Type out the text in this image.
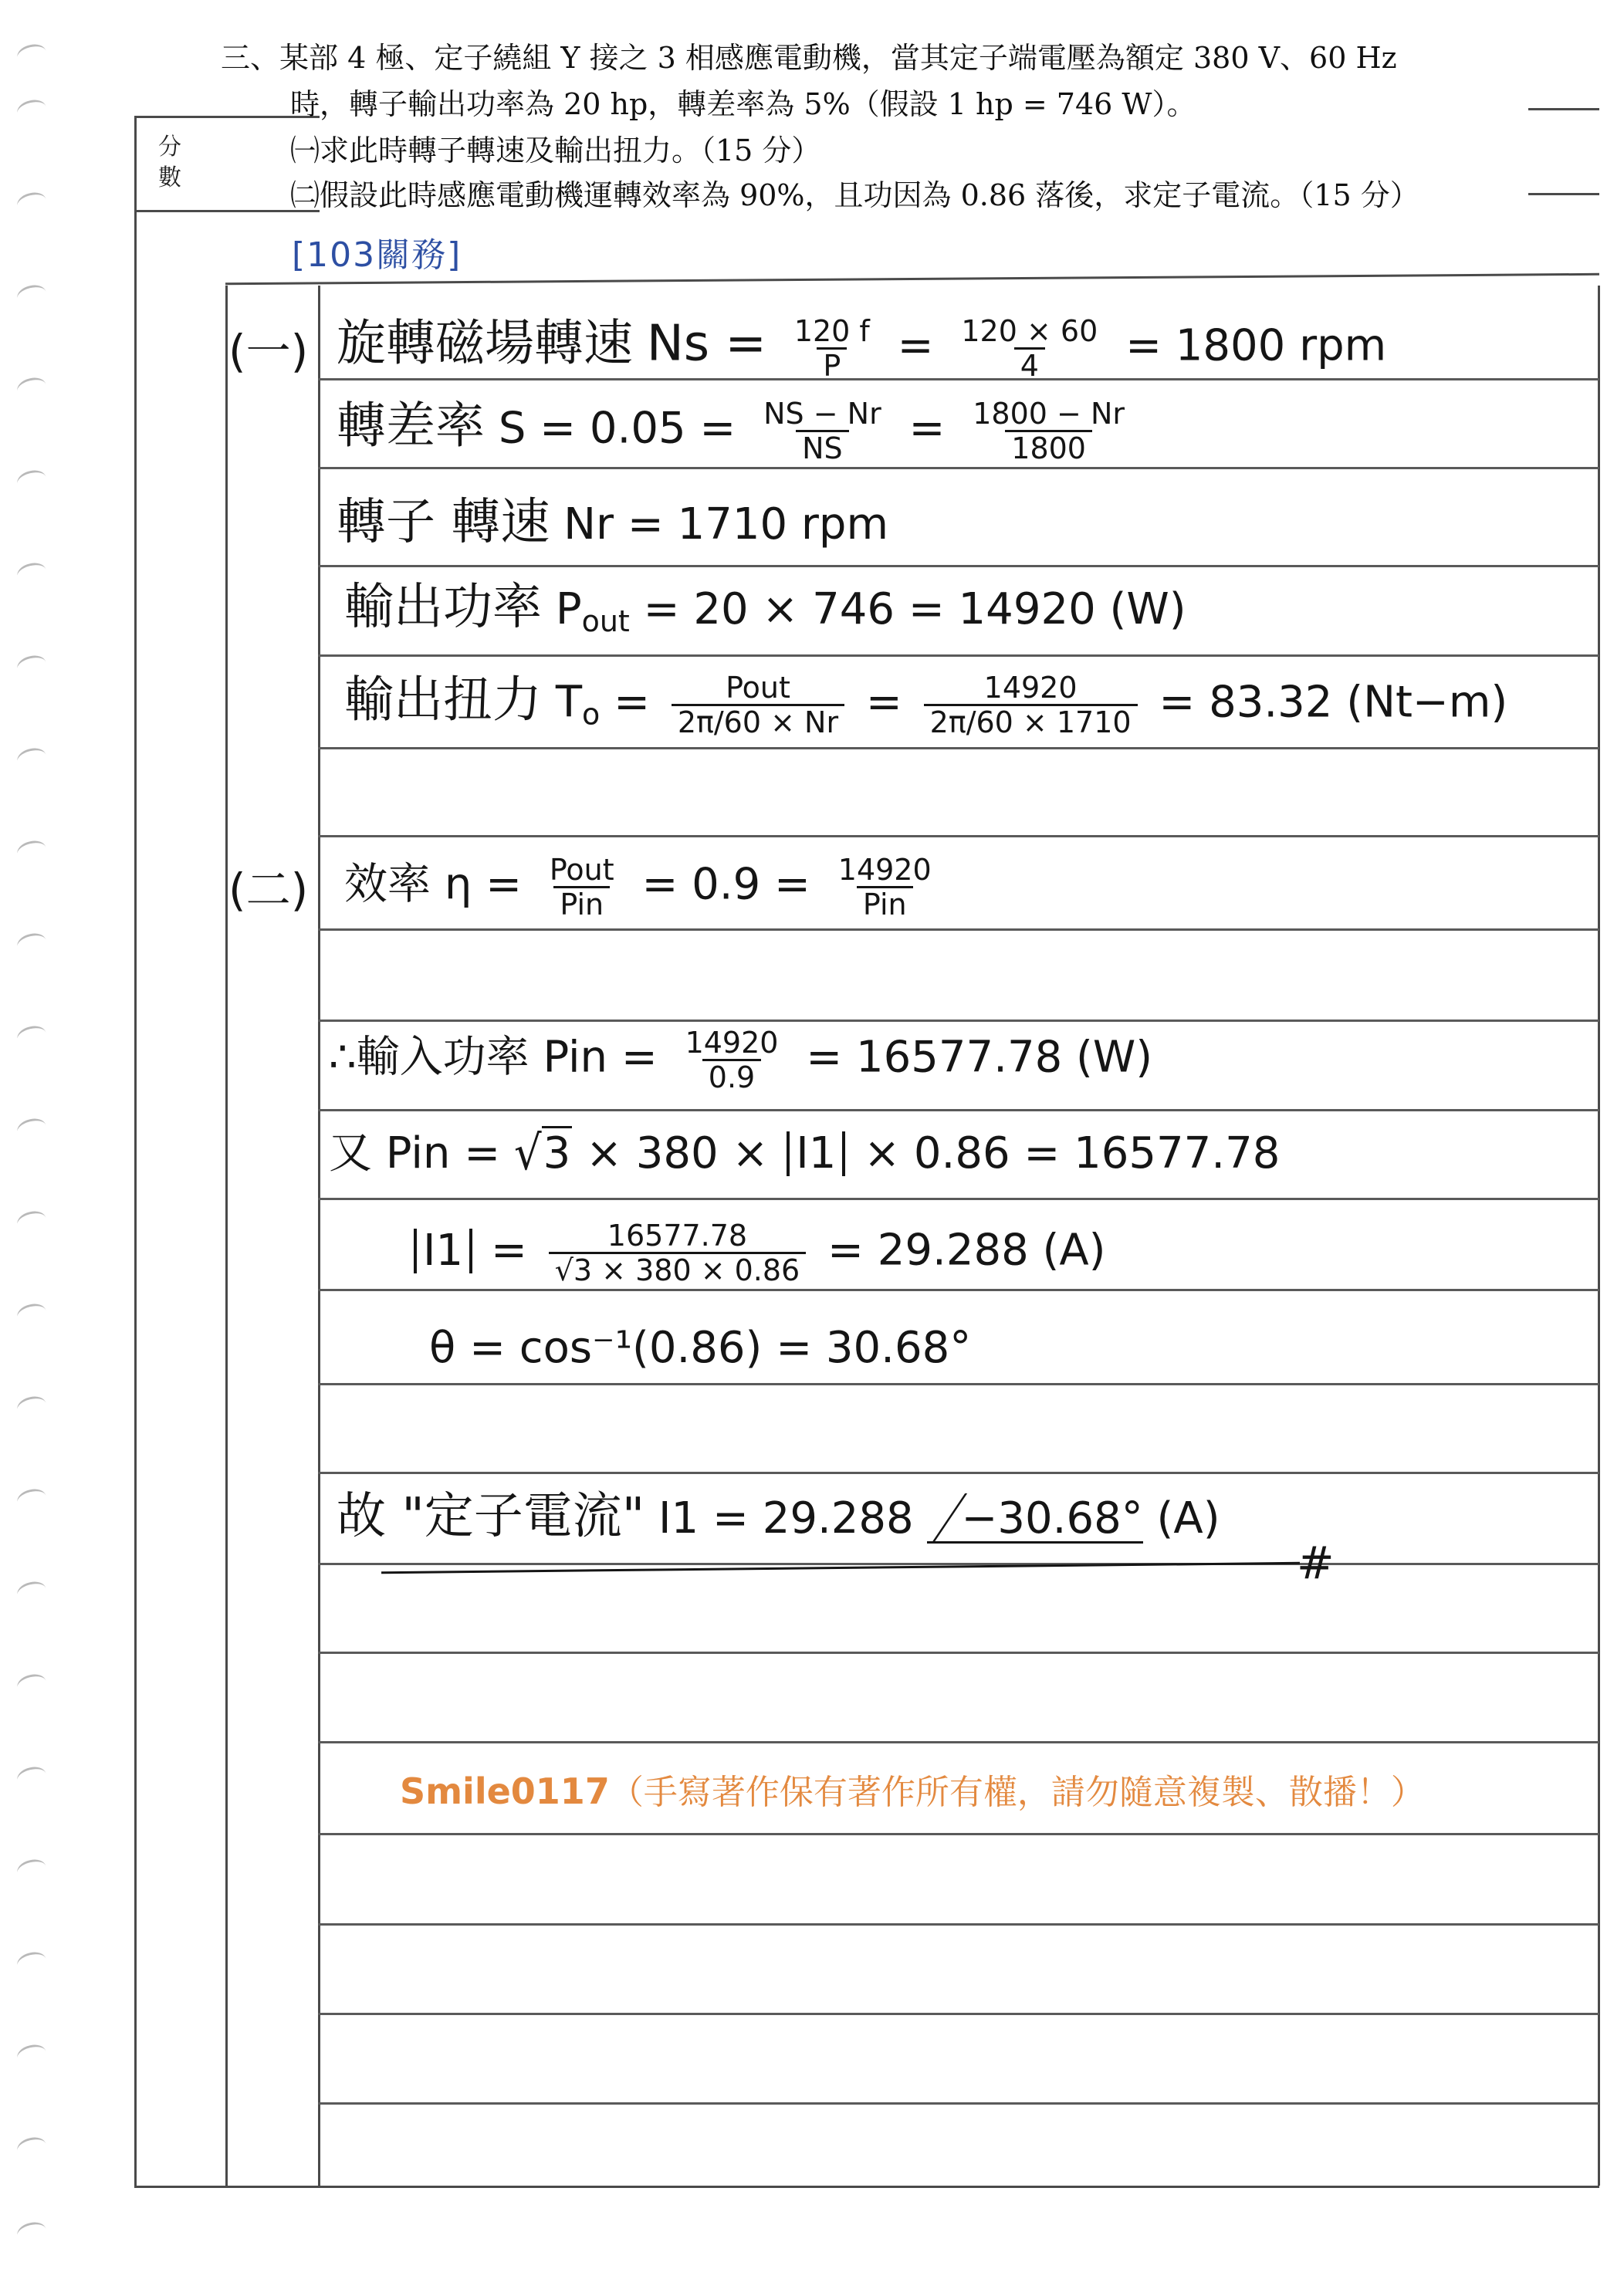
分
數
三、某部 4 極、定子繞組 Y 接之 3 相感應電動機，當其定子端電壓為額定 380 V、60 Hz
時，轉子輸出功率為 20 hp，轉差率為 5%（假設 1 hp = 746 W）。
㈠求此時轉子轉速及輸出扭力。（15 分）
㈡假設此時感應電動機運轉效率為 90%，且功因為 0.86 落後，求定子電流。（15 分）
[103關務]
(一) 旋轉磁場轉速 $Ns = \frac{120 f}{P} = \frac{120 \times 60}{4} = 1800$ rpm
轉差率 $S = 0.05 = \frac{NS - Nr}{NS} = \frac{1800 - Nr}{1800}$
轉子 轉速 Nr = 1710 rpm
輸出功率 $P_{out} = 20 \times 746 = 14920$ (W)
輸出扭力 $T_o = \frac{\text{Pout}}{2\pi/60 \times Nr} = \frac{14920}{2\pi/60 \times 1710} = 83.32$ (Nt−m)
(二) 效率 $\eta = \frac{\text{Pout}}{\text{Pin}} = 0.9 = \frac{14920}{\text{Pin}}$
∴輸入功率 Pin = $\frac{14920}{0.9} = 16577.78$ (W)
又 Pin = √3 × 380 × I1 × 0.86 = 16577.78
$I1 = \frac{16577.78}{√3 \times 380 \times 0.86} = 29.288$ (A)
θ = cos⁻¹(0.86) = 30.68°
故 "定子電流" I1 = 29.288 −30.68° (A)
#
Smile0117（手寫著作保有著作所有權，請勿隨意複製、散播！）
